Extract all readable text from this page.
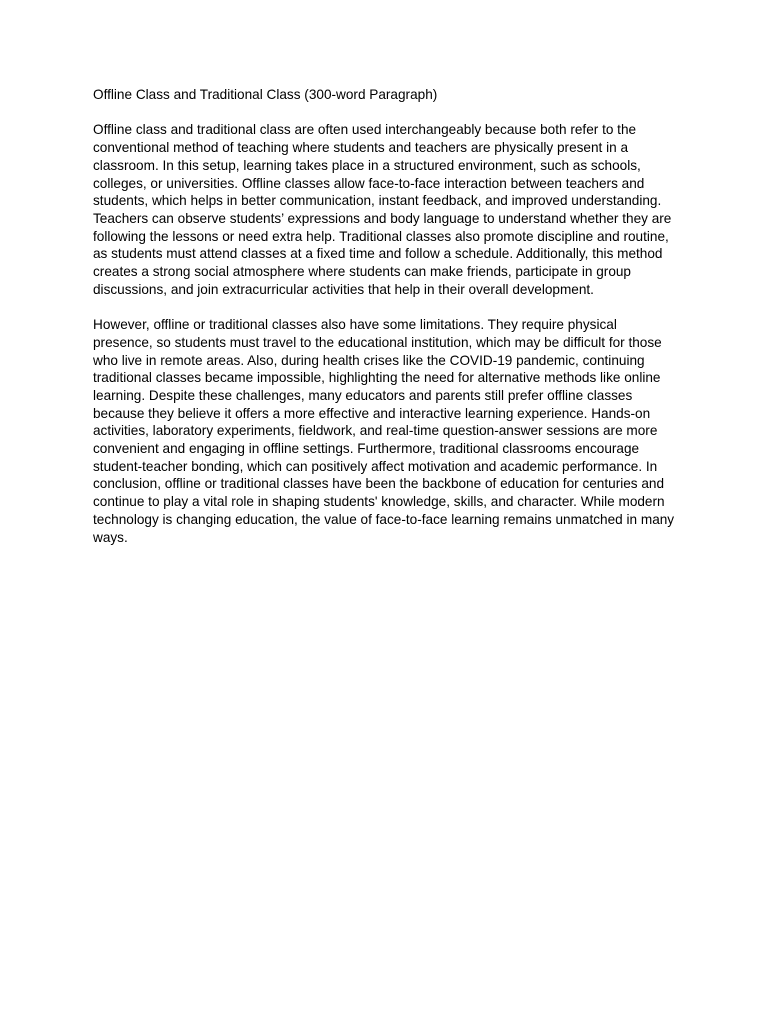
Offline Class and Traditional Class (300-word Paragraph)

Offline class and traditional class are often used interchangeably because both refer to the conventional method of teaching where students and teachers are physically present in a classroom. In this setup, learning takes place in a structured environment, such as schools, colleges, or universities. Offline classes allow face-to-face interaction between teachers and students, which helps in better communication, instant feedback, and improved understanding. Teachers can observe students’ expressions and body language to understand whether they are following the lessons or need extra help. Traditional classes also promote discipline and routine, as students must attend classes at a fixed time and follow a schedule. Additionally, this method creates a strong social atmosphere where students can make friends, participate in group discussions, and join extracurricular activities that help in their overall development.

However, offline or traditional classes also have some limitations. They require physical presence, so students must travel to the educational institution, which may be difficult for those who live in remote areas. Also, during health crises like the COVID-19 pandemic, continuing traditional classes became impossible, highlighting the need for alternative methods like online learning. Despite these challenges, many educators and parents still prefer offline classes because they believe it offers a more effective and interactive learning experience. Hands-on activities, laboratory experiments, fieldwork, and real-time question-answer sessions are more convenient and engaging in offline settings. Furthermore, traditional classrooms encourage student-teacher bonding, which can positively affect motivation and academic performance. In conclusion, offline or traditional classes have been the backbone of education for centuries and continue to play a vital role in shaping students' knowledge, skills, and character. While modern technology is changing education, the value of face-to-face learning remains unmatched in many ways.
